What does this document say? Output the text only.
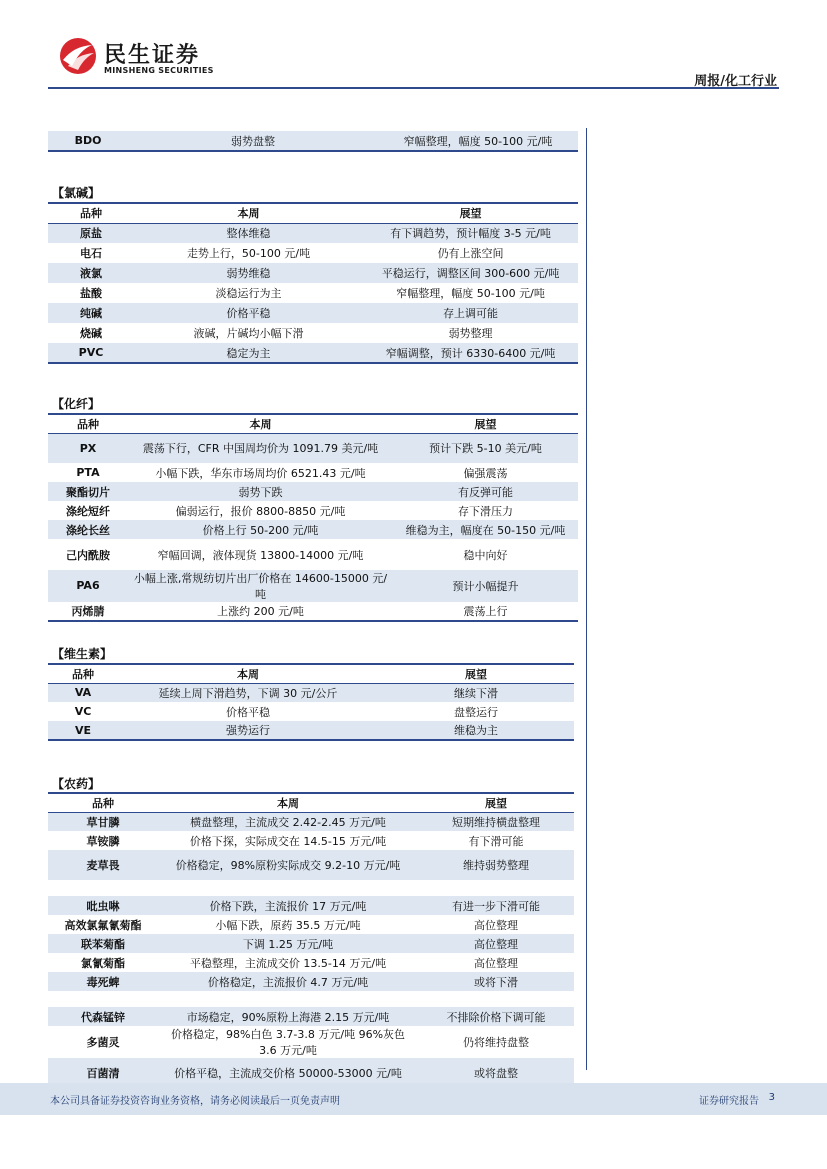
民生证券
MINSHENG SECURITIES
周报/化工行业
BDO	弱势盘整	窄幅整理，幅度 50-100 元/吨
【氯碱】
品种	本周	展望
原盐	整体维稳	有下调趋势，预计幅度 3-5 元/吨
电石	走势上行，50-100 元/吨	仍有上涨空间
液氯	弱势维稳	平稳运行，调整区间 300-600 元/吨
盐酸	淡稳运行为主	窄幅整理，幅度 50-100 元/吨
纯碱	价格平稳	存上调可能
烧碱	液碱，片碱均小幅下滑	弱势整理
PVC	稳定为主	窄幅调整，预计 6330-6400 元/吨
【化纤】
品种	本周	展望
PX	震荡下行，CFR 中国周均价为 1091.79 美元/吨	预计下跌 5-10 美元/吨
PTA	小幅下跌，华东市场周均价 6521.43 元/吨	偏强震荡
聚酯切片	弱势下跌	有反弹可能
涤纶短纤	偏弱运行，报价 8800-8850 元/吨	存下滑压力
涤纶长丝	价格上行 50-200 元/吨	维稳为主，幅度在 50-150 元/吨
己内酰胺	窄幅回调，液体现货 13800-14000 元/吨	稳中向好
PA6	小幅上涨,常规纺切片出厂价格在 14600-15000 元/吨	预计小幅提升
丙烯腈	上涨约 200 元/吨	震荡上行
【维生素】
品种	本周	展望
VA	延续上周下滑趋势，下调 30 元/公斤	继续下滑
VC	价格平稳	盘整运行
VE	强势运行	维稳为主
【农药】
品种	本周	展望
草甘膦	横盘整理，主流成交 2.42-2.45 万元/吨	短期维持横盘整理
草铵膦	价格下探，实际成交在 14.5-15 万元/吨	有下滑可能
麦草畏	价格稳定，98%原粉实际成交 9.2-10 万元/吨	维持弱势整理

吡虫啉	价格下跌，主流报价 17 万元/吨	有进一步下滑可能
高效氯氟氰菊酯	小幅下跌，原药 35.5 万元/吨	高位整理
联苯菊酯	下调 1.25 万元/吨	高位整理
氯氰菊酯	平稳整理，主流成交价 13.5-14 万元/吨	高位整理
毒死蜱	价格稳定，主流报价 4.7 万元/吨	或将下滑

代森锰锌	市场稳定，90%原粉上海港 2.15 万元/吨	不排除价格下调可能
多菌灵	价格稳定，98%白色 3.7-3.8 万元/吨 96%灰色 3.6 万元/吨	仍将维持盘整
百菌清	价格平稳，主流成交价格 50000-53000 元/吨	或将盘整
本公司具备证券投资咨询业务资格，请务必阅读最后一页免责声明	证券研究报告 3
